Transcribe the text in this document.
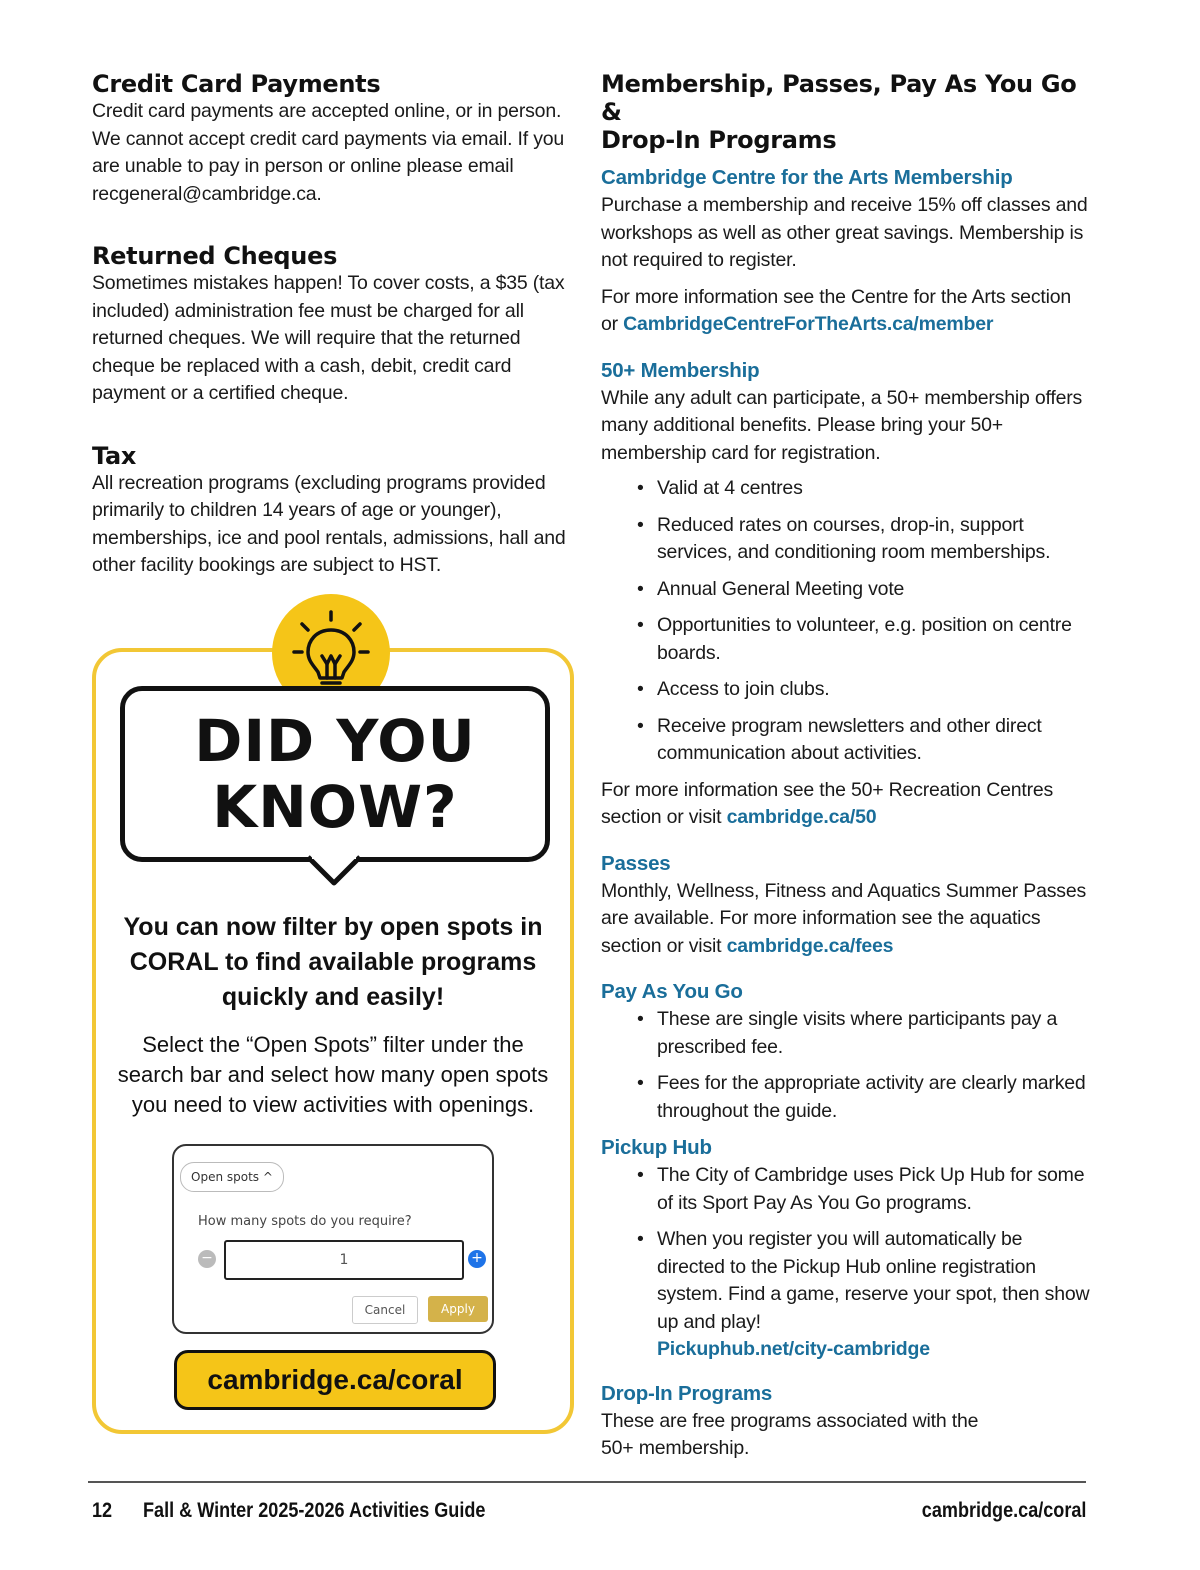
Credit Card Payments

Credit card payments are accepted online, or in person. We cannot accept credit card payments via email. If you are unable to pay in person or online please email recgeneral@cambridge.ca.

Returned Cheques

Sometimes mistakes happen! To cover costs, a $35 (tax included) administration fee must be charged for all returned cheques. We will require that the returned cheque be replaced with a cash, debit, credit card payment or a certified cheque.

Tax

All recreation programs (excluding programs provided primarily to children 14 years of age or younger), memberships, ice and pool rentals, admissions, hall and other facility bookings are subject to HST.

DID YOU
KNOW?
You can now filter by open spots in CORAL to find available programs quickly and easily!
Select the “Open Spots” filter under the search bar and select how many open spots you need to view activities with openings.
Open spots ^
How many spots do you require?
−	1	+
Cancel	Apply
cambridge.ca/coral
Membership, Passes, Pay As You Go &
Drop-In Programs
Cambridge Centre for the Arts Membership

Purchase a membership and receive 15% off classes and workshops as well as other great savings. Membership is not required to register.

For more information see the Centre for the Arts section or CambridgeCentreForTheArts.ca/member

50+ Membership

While any adult can participate, a 50+ membership offers many additional benefits. Please bring your 50+ membership card for registration.

• Valid at 4 centres
• Reduced rates on courses, drop-in, support services, and conditioning room memberships.
• Annual General Meeting vote
• Opportunities to volunteer, e.g. position on centre boards.
• Access to join clubs.
• Receive program newsletters and other direct communication about activities.

For more information see the 50+ Recreation Centres section or visit cambridge.ca/50

Passes

Monthly, Wellness, Fitness and Aquatics Summer Passes are available. For more information see the aquatics section or visit cambridge.ca/fees

Pay As You Go
• These are single visits where participants pay a prescribed fee.
• Fees for the appropriate activity are clearly marked throughout the guide.
Pickup Hub
• The City of Cambridge uses Pick Up Hub for some of its Sport Pay As You Go programs.
• When you register you will automatically be directed to the Pickup Hub online registration system. Find a game, reserve your spot, then show up and play!
Pickuphub.net/city-cambridge
Drop-In Programs

These are free programs associated with the 50+ membership.

12 Fall & Winter 2025-2026 Activities Guide	cambridge.ca/coral
